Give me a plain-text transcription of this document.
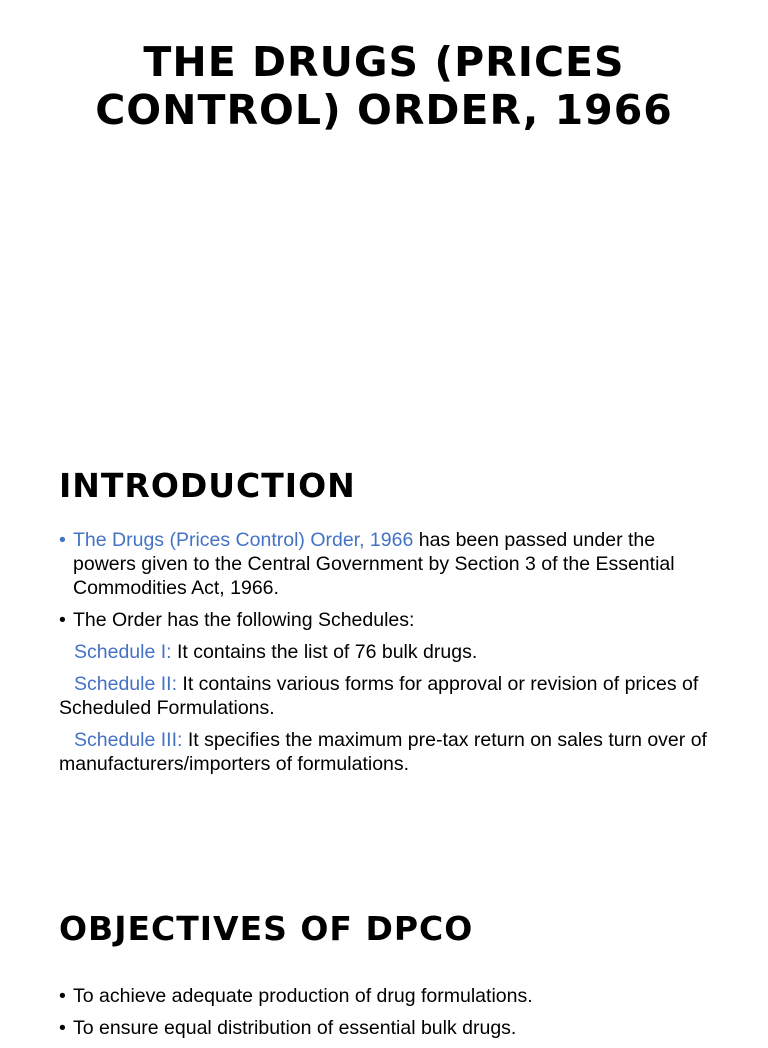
THE DRUGS (PRICES CONTROL) ORDER, 1966
INTRODUCTION
• The Drugs (Prices Control) Order, 1966 has been passed under the powers given to the Central Government by Section 3 of the Essential Commodities Act, 1966.
• The Order has the following Schedules:
Schedule I: It contains the list of 76 bulk drugs.
Schedule II: It contains various forms for approval or revision of prices of Scheduled Formulations.
Schedule III: It specifies the maximum pre-tax return on sales turn over of manufacturers/importers of formulations.
OBJECTIVES OF DPCO
• To achieve adequate production of drug formulations.
• To ensure equal distribution of essential bulk drugs.
